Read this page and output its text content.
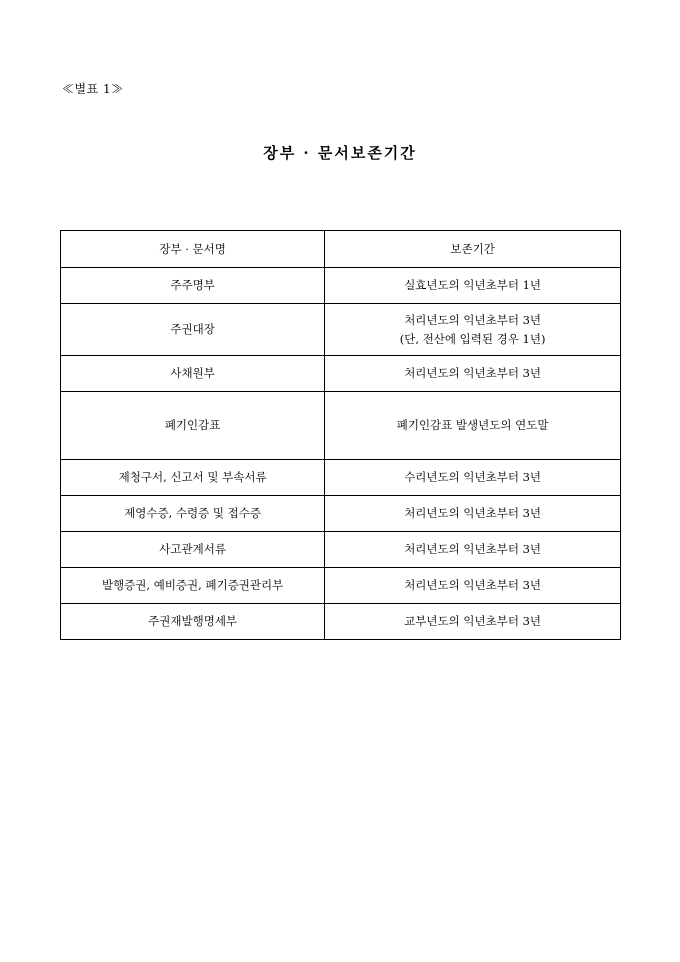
≪별표 1≫
장부 · 문서보존기간
장부 · 문서명	보존기간
주주명부	실효년도의 익년초부터 1년
주권대장	처리년도의 익년초부터 3년
(단, 전산에 입력된 경우 1년)

사채원부	처리년도의 익년초부터 3년
폐기인감표	폐기인감표 발생년도의 연도말
제청구서, 신고서 및 부속서류	수리년도의 익년초부터 3년
제영수증, 수령증 및 접수증	처리년도의 익년초부터 3년
사고관계서류	처리년도의 익년초부터 3년
발행증권, 예비증권, 폐기증권관리부	처리년도의 익년초부터 3년
주권재발행명세부	교부년도의 익년초부터 3년
